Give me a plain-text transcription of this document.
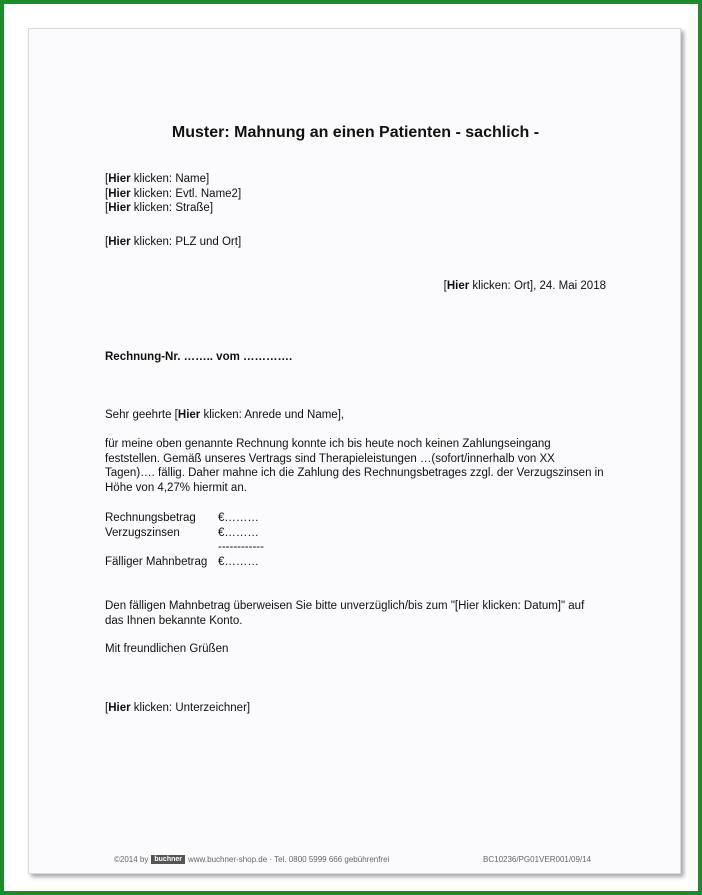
Muster: Mahnung an einen Patienten - sachlich -
[Hier klicken: Name]
[Hier klicken: Evtl. Name2]
[Hier klicken: Straße]
[Hier klicken: PLZ und Ort]
[Hier klicken: Ort], 24. Mai 2018
Rechnung-Nr. …….. vom ………….
Sehr geehrte [Hier klicken: Anrede und Name],
für meine oben genannte Rechnung konnte ich bis heute noch keinen Zahlungseingang feststellen. Gemäß unseres Vertrags sind Therapieleistungen …(sofort/innerhalb von XX Tagen)…. fällig. Daher mahne ich die Zahlung des Rechnungsbetrages zzgl. der Verzugszinsen in Höhe von 4,27% hiermit an.
Rechnungsbetrag	€………
Verzugszinsen	€………
------------
Fälliger Mahnbetrag €………
Den fälligen Mahnbetrag überweisen Sie bitte unverzüglich/bis zum "[Hier klicken: Datum]" auf das Ihnen bekannte Konto.
Mit freundlichen Grüßen
[Hier klicken: Unterzeichner]
©2014 by buchner www.buchner-shop.de · Tel. 0800 5999 666 gebührenfrei	BC10236/PG01VER001/09/14
